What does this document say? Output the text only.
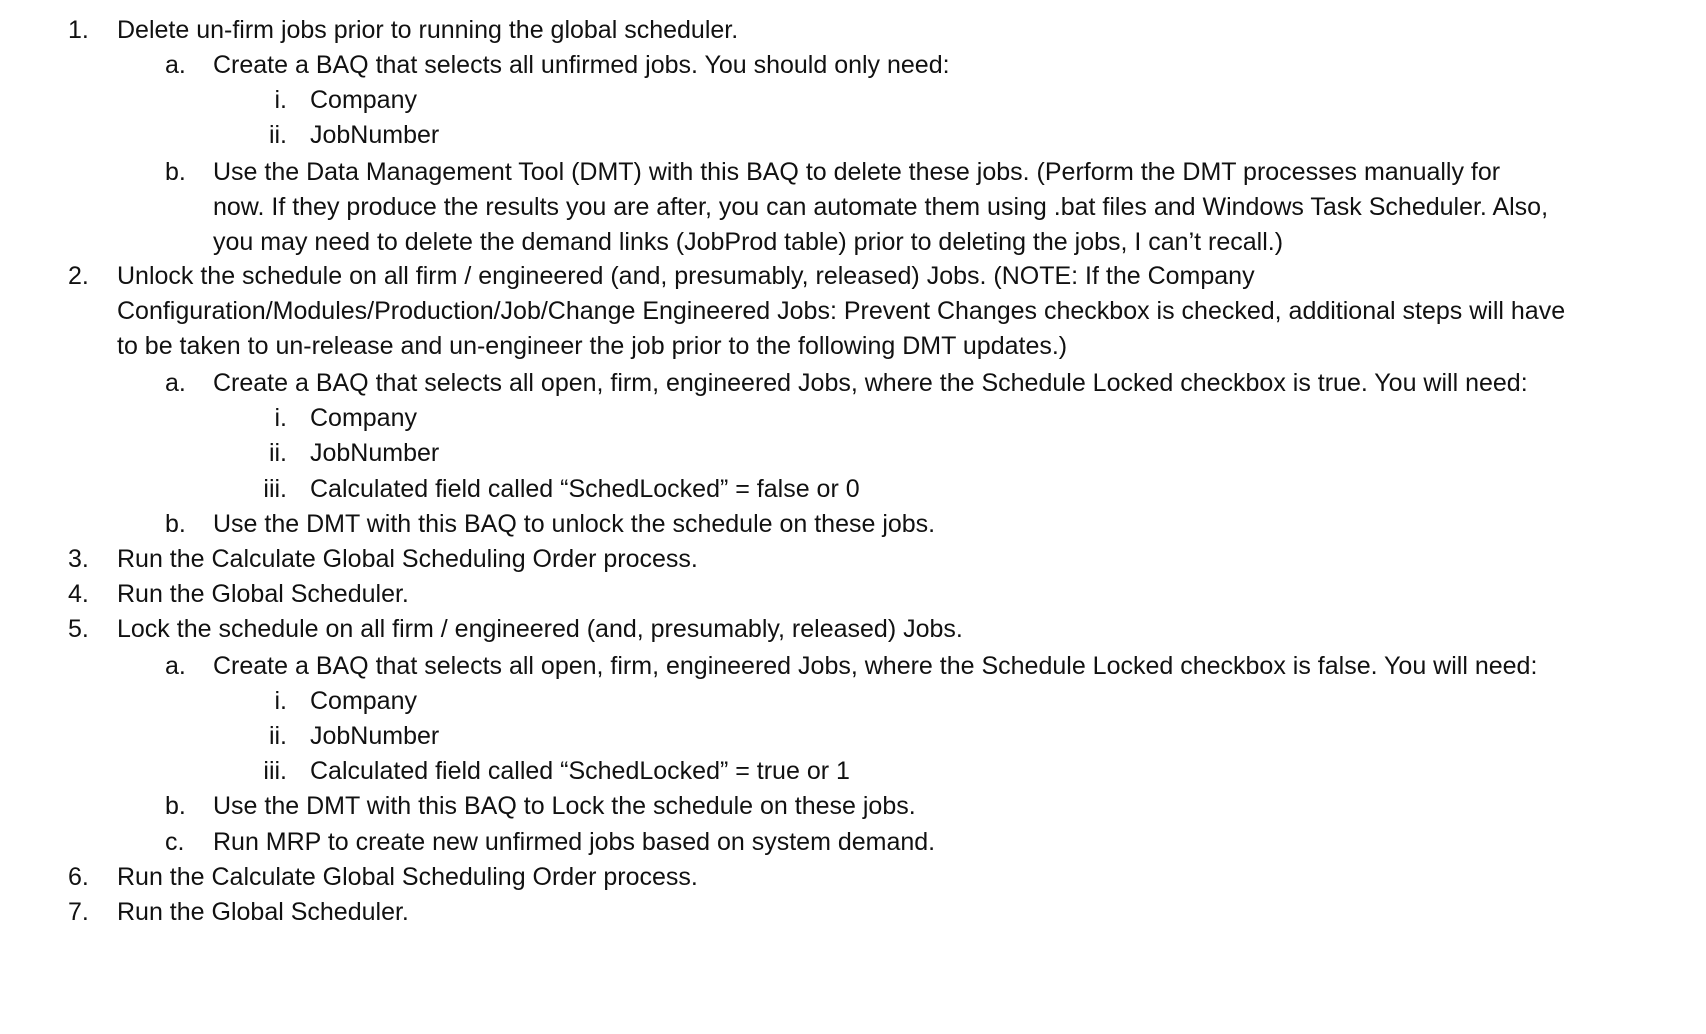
1. Delete un-firm jobs prior to running the global scheduler.
a. Create a BAQ that selects all unfirmed jobs. You should only need:
i. Company
ii. JobNumber
b. Use the Data Management Tool (DMT) with this BAQ to delete these jobs. (Perform the DMT processes manually for
now. If they produce the results you are after, you can automate them using .bat files and Windows Task Scheduler. Also,
you may need to delete the demand links (JobProd table) prior to deleting the jobs, I can’t recall.)
2. Unlock the schedule on all firm / engineered (and, presumably, released) Jobs. (NOTE: If the Company
Configuration/Modules/Production/Job/Change Engineered Jobs: Prevent Changes checkbox is checked, additional steps will have
to be taken to un-release and un-engineer the job prior to the following DMT updates.)
a. Create a BAQ that selects all open, firm, engineered Jobs, where the Schedule Locked checkbox is true. You will need:
i. Company
ii. JobNumber
iii. Calculated field called “SchedLocked” = false or 0
b. Use the DMT with this BAQ to unlock the schedule on these jobs.
3. Run the Calculate Global Scheduling Order process.
4. Run the Global Scheduler.
5. Lock the schedule on all firm / engineered (and, presumably, released) Jobs.
a. Create a BAQ that selects all open, firm, engineered Jobs, where the Schedule Locked checkbox is false. You will need:
i. Company
ii. JobNumber
iii. Calculated field called “SchedLocked” = true or 1
b. Use the DMT with this BAQ to Lock the schedule on these jobs.
c. Run MRP to create new unfirmed jobs based on system demand.
6. Run the Calculate Global Scheduling Order process.
7. Run the Global Scheduler.
